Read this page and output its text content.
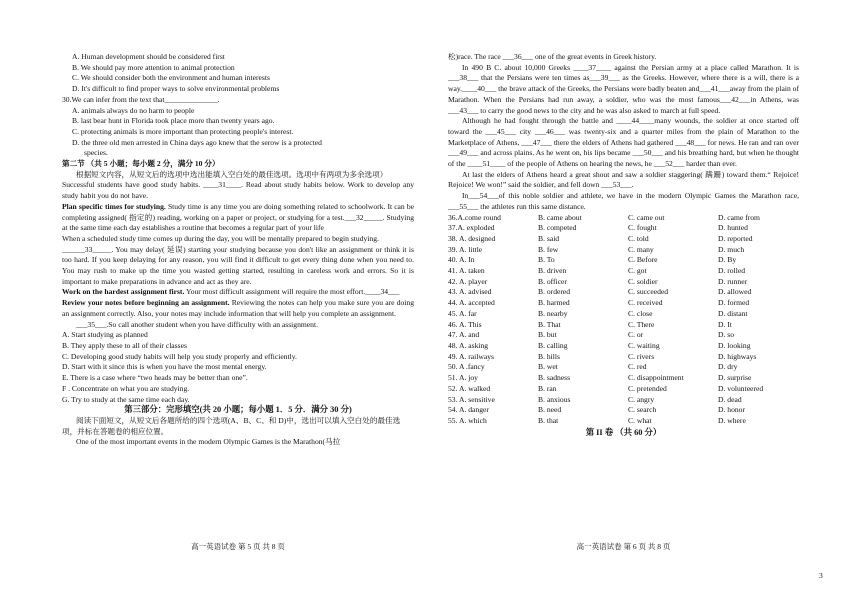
A. Human development should be considered first

B. We should pay more attention to animal protection

C. We should consider both the environment and human interests

D. It's difficult to find proper ways to solve environmental problems

30.We can infer from the text that______________.

A. animals always do no harm to people

B. last bear hunt in Florida took place more than twenty years ago.

C. protecting animals is more important than protecting people's interest.

D. the three old men arrested in China days ago knew that the serow is a protected

species.

第二节 （共 5 小题；每小题 2 分，满分 10 分）

根据短文内容，从短文后的选项中选出能填入空白处的最佳选项。选项中有两项为多余选项）

Successful students have good study habits. ____31____. Read about study habits below. Work to develop any study habit you do not have.

Plan specific times for studying. Study time is any time you are doing something related to schoolwork. It can be completing assigned( 指定的) reading, working on a paper or project, or studying for a test.___32_____. Studying at the same time each day establishes a routine that becomes a regular part of your life

When a scheduled study time comes up during the day, you will be mentally prepared to begin studying.

______33_____. You may delay( 延误) starting your studying because you don't like an assignment or think it is too hard. If you keep delaying for any reason, you will find it difficult to get every thing done when you need to. You may rush to make up the time you wasted getting started, resulting in careless work and errors. So it is important to make preparations in advance and act as they are.

Work on the hardest assignment first. Your most difficult assignment will require the most effort.____34___

Review your notes before beginning an assignment. Reviewing the notes can help you make sure you are doing an assignment correctly. Also, your notes may include information that will help you complete an assignment.

___35___.So call another student when you have difficulty with an assignment.

A. Start studying as planned

B. They apply these to all of their classes

C. Developing good study habits will help you study properly and efficiently.

D. Start with it since this is when you have the most mental energy.

E. There is a case where “two heads may be better than one”.

F . Concentrate on what you are studying.

G. Try to study at the same time each day.

第三部分：完形填空(共 20 小题；每小题 1．5 分．满分 30 分)

阅读下面短文，从短文后各题所给的四个选项(A、B、C、和 D)中，选出可以填入空白处的最佳选项，并标在答题卷的相应位置。

One of the most important events in the modern Olympic Games is the Marathon(马拉

高一英语试卷 第 5 页 共 8 页

松)race. The race ___36___ one of the great events in Greek history.

In 490 B C. about 10,000 Greeks ____37____ against the Persian army at a place called Marathon. It is ___38___ that the Persians were ten times as___39___ as the Greeks. However, where there is a will, there is a way.____40___ the brave attack of the Greeks, the Persians were badly beaten and___41___away from the plain of Marathon. When the Persians had run away, a soldier, who was the most famous___42___in Athens, was ___43___ to carry the good news to the city and he was also asked to march at full speed.

Although he had fought through the battle and ____44____many wounds, the soldier at once started off toward the ___45___ city ___46___ was twenty-six and a quarter miles from the plain of Marathon to the Marketplace of Athens, ___47___ there the elders of Athens had gathered ___48___ for news. He ran and ran over ___49___ and across plains. As he went on, his lips became ___50___ and his breathing hard, but when he thought of the ____51____ of the people of Athens on hearing the news, he ___52___ harder than ever.

At last the elders of Athens heard a great shout and saw a soldier staggering( 蹒跚) toward them.“ Rejoice! Rejoice! We won!” said the soldier, and fell down ___53___.

In___54___of this noble soldier and athlete, we have in the modern Olympic Games the Marathon race, ___55___ the athletes run this same distance.

36.A.come round	B. came about	C. came out	D. came from
37.A. exploded	B. competed	C. fought	D. hunted
38. A. designed	B. said	C. told	D. reported
39. A. little	B. few	C. many	D. much
40. A. In	B. To	C. Before	D. By
41. A. taken	B. driven	C. got	D. rolled
42. A. player	B. officer	C. soldier	D. runner
43. A. advised	B. ordered	C. succeeded	D. allowed
44. A. accepted	B. harmed	C. received	D. formed
45. A. far	B. nearby	C. close	D. distant
46. A. This	B. That	C. There	D. It
47. A. and	B. but	C. or	D. so
48. A. asking	B. calling	C. waiting	D. looking
49. A. railways	B. hills	C. rivers	D. highways
50. A .fancy	B. wet	C. red	D. dry
51. A. joy	B. sadness	C. disappointment	D. surprise
52. A. walked	B. ran	C. pretended	D. volunteered
53. A. sensitive	B. anxious	C. angry	D. dead
54. A. danger	B. need	C. search	D. honor
55. A. which	B. that	C. what	D. where

第 II 卷 （共 60 分）

高一英语试卷 第 6 页 共 8 页
3
